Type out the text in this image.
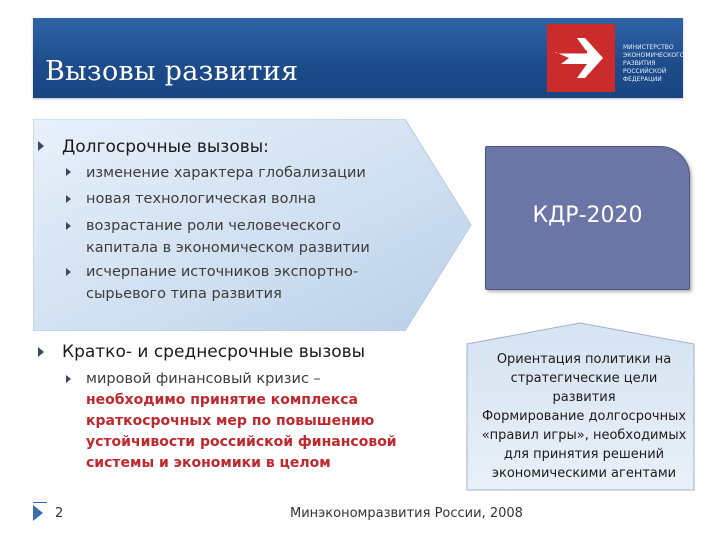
Вызовы развития
МИНИСТЕРСТВО
ЭКОНОМИЧЕСКОГО
РАЗВИТИЯ
РОССИЙСКОЙ
ФЕДЕРАЦИИ
Долгосрочные вызовы:
изменение характера глобализации
новая технологическая волна
возрастание роли человеческого
капитала в экономическом развитии
исчерпание источников экспортно-
сырьевого типа развития
Кратко- и среднесрочные вызовы
мировой финансовый кризис –
необходимо принятие комплекса
краткосрочных мер по повышению
устойчивости российской финансовой
системы и экономики в целом
КДР-2020
Ориентация политики на
стратегические цели развития
Формирование долгосрочных
«правил игры», необходимых
для принятия решений
экономическими агентами
2	Минэкономразвития России, 2008
